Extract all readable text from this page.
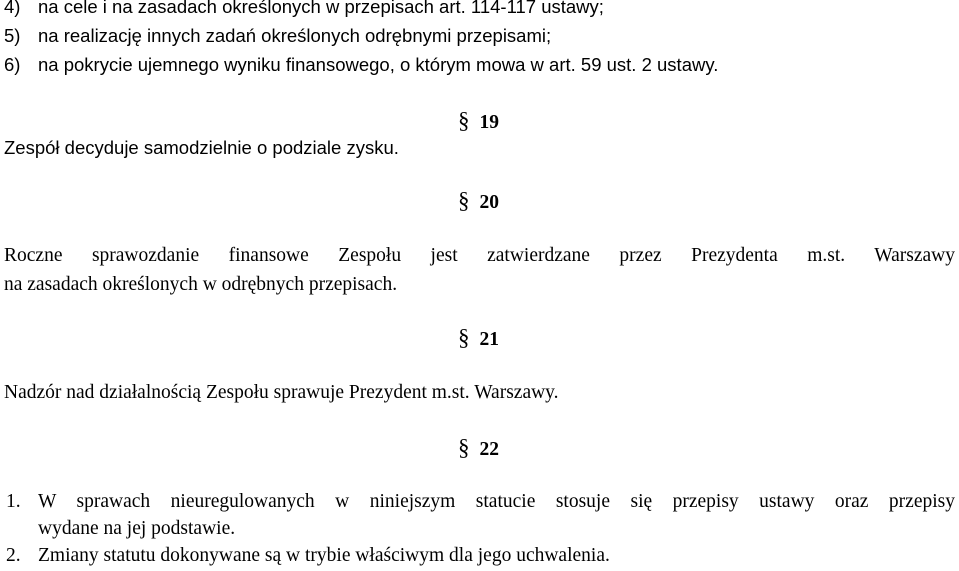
4) na cele i na zasadach określonych w przepisach art. 114-117 ustawy;
5) na realizację innych zadań określonych odrębnymi przepisami;
6) na pokrycie ujemnego wyniku finansowego, o którym mowa w art. 59 ust. 2 ustawy.
§ 19
Zespół decyduje samodzielnie o podziale zysku.
§ 20
Roczne sprawozdanie finansowe Zespołu jest zatwierdzane przez Prezydenta m.st. Warszawy
na zasadach określonych w odrębnych przepisach.
§ 21
Nadzór nad działalnością Zespołu sprawuje Prezydent m.st. Warszawy.
§ 22
1. W sprawach nieuregulowanych w niniejszym statucie stosuje się przepisy ustawy oraz przepisy
wydane na jej podstawie.
2. Zmiany statutu dokonywane są w trybie właściwym dla jego uchwalenia.
